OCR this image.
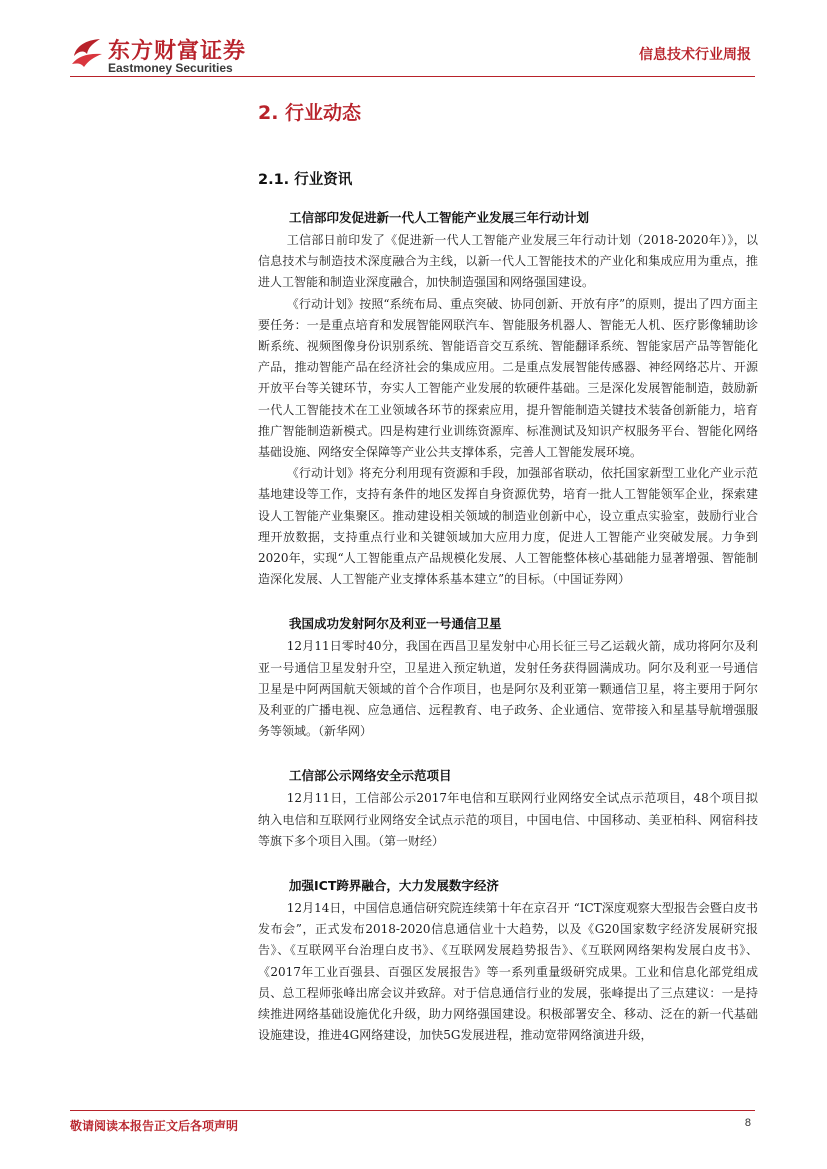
东方财富证券
Eastmoney Securities
信息技术行业周报
2. 行业动态
2.1. 行业资讯
工信部印发促进新一代人工智能产业发展三年行动计划

工信部日前印发了《促进新一代人工智能产业发展三年行动计划（2018-2020年）》，以信息技术与制造技术深度融合为主线，以新一代人工智能技术的产业化和集成应用为重点，推进人工智能和制造业深度融合，加快制造强国和网络强国建设。

《行动计划》按照“系统布局、重点突破、协同创新、开放有序”的原则，提出了四方面主要任务：一是重点培育和发展智能网联汽车、智能服务机器人、智能无人机、医疗影像辅助诊断系统、视频图像身份识别系统、智能语音交互系统、智能翻译系统、智能家居产品等智能化产品，推动智能产品在经济社会的集成应用。二是重点发展智能传感器、神经网络芯片、开源开放平台等关键环节，夯实人工智能产业发展的软硬件基础。三是深化发展智能制造，鼓励新一代人工智能技术在工业领域各环节的探索应用，提升智能制造关键技术装备创新能力，培育推广智能制造新模式。四是构建行业训练资源库、标准测试及知识产权服务平台、智能化网络基础设施、网络安全保障等产业公共支撑体系，完善人工智能发展环境。

《行动计划》将充分利用现有资源和手段，加强部省联动，依托国家新型工业化产业示范基地建设等工作，支持有条件的地区发挥自身资源优势，培育一批人工智能领军企业，探索建设人工智能产业集聚区。推动建设相关领域的制造业创新中心，设立重点实验室，鼓励行业合理开放数据，支持重点行业和关键领域加大应用力度，促进人工智能产业突破发展。力争到2020年，实现“人工智能重点产品规模化发展、人工智能整体核心基础能力显著增强、智能制造深化发展、人工智能产业支撑体系基本建立”的目标。（中国证券网）

我国成功发射阿尔及利亚一号通信卫星

12月11日零时40分，我国在西昌卫星发射中心用长征三号乙运载火箭，成功将阿尔及利亚一号通信卫星发射升空，卫星进入预定轨道，发射任务获得圆满成功。阿尔及利亚一号通信卫星是中阿两国航天领域的首个合作项目，也是阿尔及利亚第一颗通信卫星，将主要用于阿尔及利亚的广播电视、应急通信、远程教育、电子政务、企业通信、宽带接入和星基导航增强服务等领域。（新华网）

工信部公示网络安全示范项目

12月11日，工信部公示2017年电信和互联网行业网络安全试点示范项目，48个项目拟纳入电信和互联网行业网络安全试点示范的项目，中国电信、中国移动、美亚柏科、网宿科技等旗下多个项目入围。（第一财经）

加强ICT跨界融合，大力发展数字经济

12月14日，中国信息通信研究院连续第十年在京召开 “ICT深度观察大型报告会暨白皮书发布会”，正式发布2018-2020信息通信业十大趋势，以及《G20国家数字经济发展研究报告》、《互联网平台治理白皮书》、《互联网发展趋势报告》、《互联网网络架构发展白皮书》、《2017年工业百强县、百强区发展报告》等一系列重量级研究成果。工业和信息化部党组成员、总工程师张峰出席会议并致辞。对于信息通信行业的发展，张峰提出了三点建议：一是持续推进网络基础设施优化升级，助力网络强国建设。积极部署安全、移动、泛在的新一代基础设施建设，推进4G网络建设，加快5G发展进程，推动宽带网络演进升级，

敬请阅读本报告正文后各项声明	8
